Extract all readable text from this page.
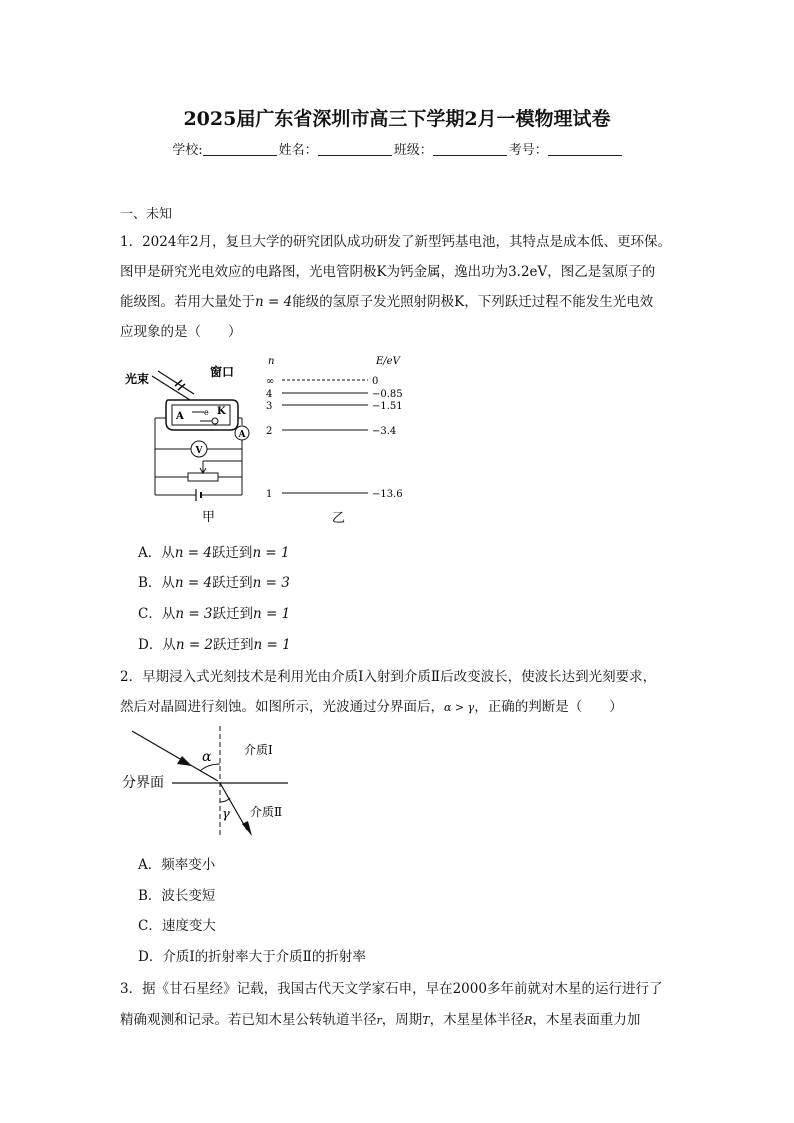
2025届广东省深圳市高三下学期2月一模物理试卷
学校:	姓名：	班级：	考号：
一、未知
1．2024年2月，复旦大学的研究团队成功研发了新型钙基电池，其特点是成本低、更环保。
图甲是研究光电效应的电路图，光电管阴极K为钙金属，逸出功为3.2eV，图乙是氢原子的
能级图。若用大量处于n = 4能级的氢原子发光照射阴极K，下列跃迁过程不能发生光电效
应现象的是（　　）
光束	窗口
A	K
e
A
V
甲
n	E/eV
乙
∞	0
4	−0.85
3	−1.51
2	−3.4
1	−13.6
A．从n = 4跃迁到n = 1
B．从n = 4跃迁到n = 3
C．从n = 3跃迁到n = 1
D．从n = 2跃迁到n = 1
2．早期浸入式光刻技术是利用光由介质Ⅰ入射到介质Ⅱ后改变波长，使波长达到光刻要求，
然后对晶圆进行刻蚀。如图所示，光波通过分界面后，α > γ，正确的判断是（　　）
分界面
介质Ⅰ
介质Ⅱ
α
γ
A．频率变小
B．波长变短
C．速度变大
D．介质Ⅰ的折射率大于介质Ⅱ的折射率
3．据《甘石星经》记载，我国古代天文学家石申，早在2000多年前就对木星的运行进行了
精确观测和记录。若已知木星公转轨道半径r，周期T，木星星体半径R，木星表面重力加
